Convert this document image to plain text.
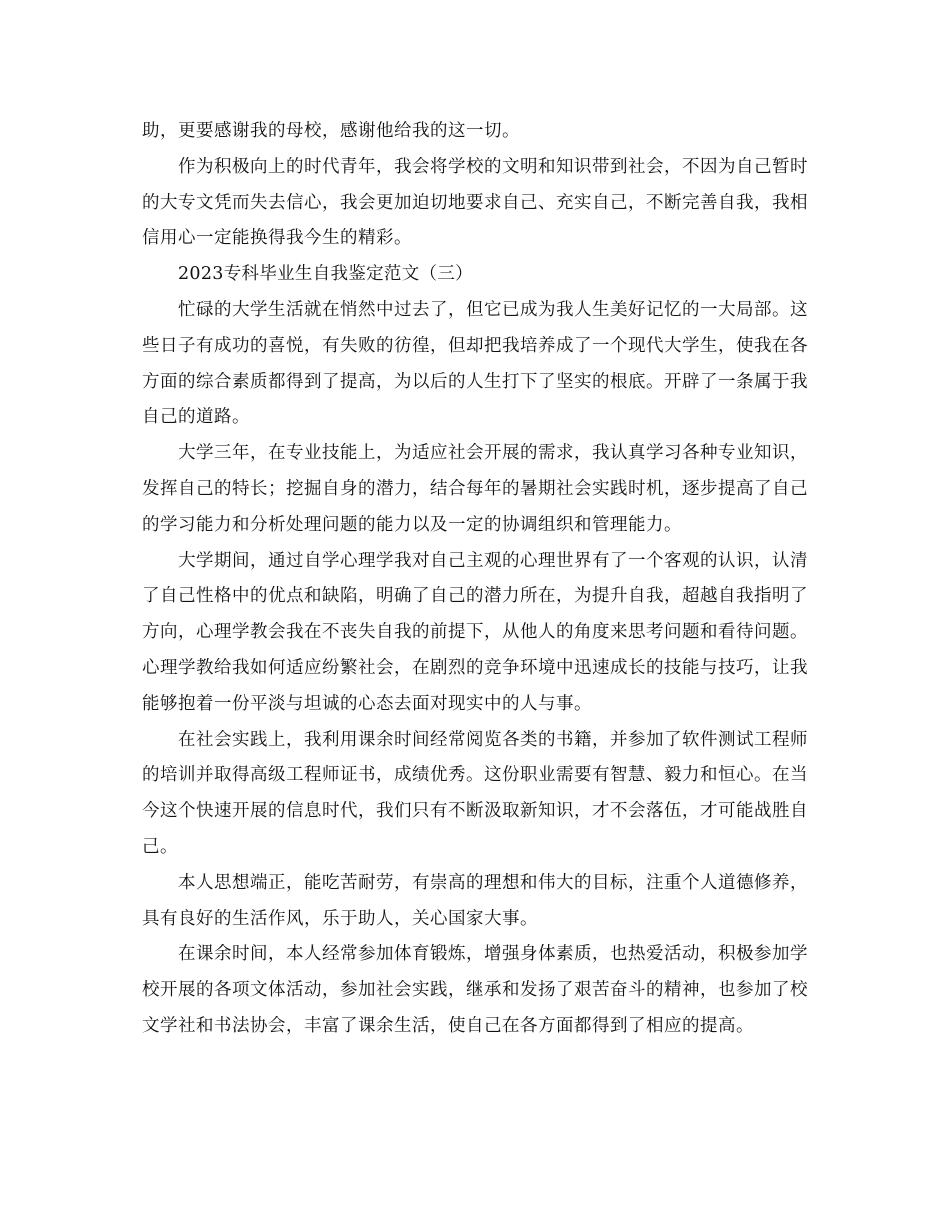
助，更要感谢我的母校，感谢他给我的这一切。

作为积极向上的时代青年，我会将学校的文明和知识带到社会，不因为自己暂时的大专文凭而失去信心，我会更加迫切地要求自己、充实自己，不断完善自我，我相信用心一定能换得我今生的精彩。

2023专科毕业生自我鉴定范文（三）

忙碌的大学生活就在悄然中过去了，但它已成为我人生美好记忆的一大局部。这些日子有成功的喜悦，有失败的彷徨，但却把我培养成了一个现代大学生，使我在各方面的综合素质都得到了提高，为以后的人生打下了坚实的根底。开辟了一条属于我自己的道路。

大学三年，在专业技能上，为适应社会开展的需求，我认真学习各种专业知识，发挥自己的特长；挖掘自身的潜力，结合每年的暑期社会实践时机，逐步提高了自己的学习能力和分析处理问题的能力以及一定的协调组织和管理能力。

大学期间，通过自学心理学我对自己主观的心理世界有了一个客观的认识，认清了自己性格中的优点和缺陷，明确了自己的潜力所在，为提升自我，超越自我指明了方向，心理学教会我在不丧失自我的前提下，从他人的角度来思考问题和看待问题。心理学教给我如何适应纷繁社会，在剧烈的竞争环境中迅速成长的技能与技巧，让我能够抱着一份平淡与坦诚的心态去面对现实中的人与事。

在社会实践上，我利用课余时间经常阅览各类的书籍，并参加了软件测试工程师的培训并取得高级工程师证书，成绩优秀。这份职业需要有智慧、毅力和恒心。在当今这个快速开展的信息时代，我们只有不断汲取新知识，才不会落伍，才可能战胜自己。

本人思想端正，能吃苦耐劳，有崇高的理想和伟大的目标，注重个人道德修养，具有良好的生活作风，乐于助人，关心国家大事。

在课余时间，本人经常参加体育锻炼，增强身体素质，也热爱活动，积极参加学校开展的各项文体活动，参加社会实践，继承和发扬了艰苦奋斗的精神，也参加了校文学社和书法协会，丰富了课余生活，使自己在各方面都得到了相应的提高。
